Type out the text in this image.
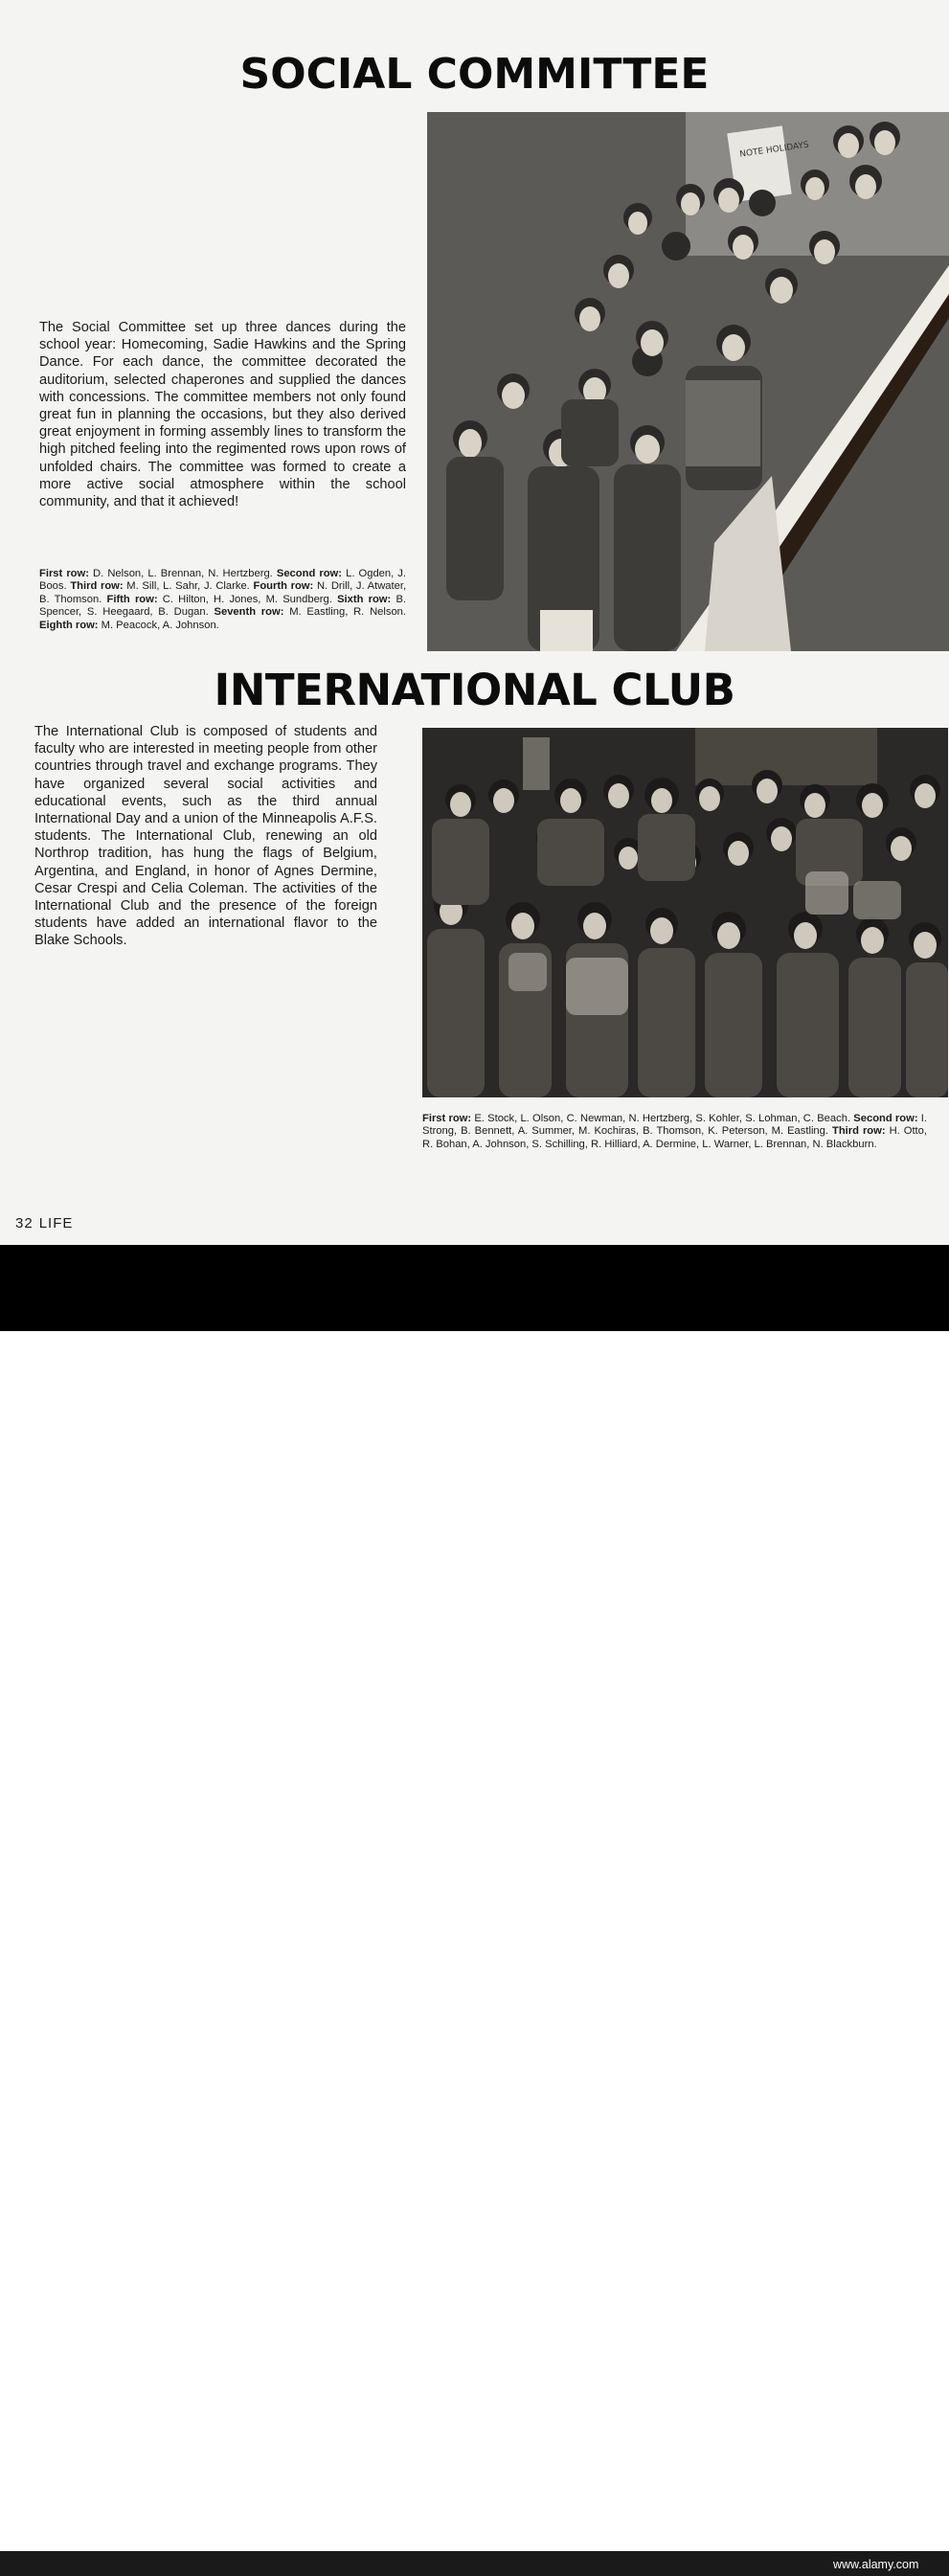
SOCIAL COMMITTEE
NOTE HOLIDAYS
The Social Committee set up three dances during the school year: Homecoming, Sadie Hawkins and the Spring Dance. For each dance, the committee decorated the auditorium, selected chaperones and supplied the dances with concessions. The committee members not only found great fun in planning the occasions, but they also derived great enjoyment in forming assembly lines to transform the high pitched feeling into the regimented rows upon rows of unfolded chairs. The committee was formed to create a more active social atmosphere within the school community, and that it achieved!
First row: D. Nelson, L. Brennan, N. Hertzberg. Second row: L. Ogden, J. Boos. Third row: M. Sill, L. Sahr, J. Clarke. Fourth row: N. Drill, J. Atwater, B. Thomson. Fifth row: C. Hilton, H. Jones, M. Sundberg. Sixth row: B. Spencer, S. Heegaard, B. Dugan. Seventh row: M. Eastling, R. Nelson. Eighth row: M. Peacock, A. Johnson.
INTERNATIONAL CLUB
The International Club is composed of students and faculty who are interested in meeting people from other countries through travel and exchange programs. They have organized several social activities and educational events, such as the third annual International Day and a union of the Minneapolis A.F.S. students. The International Club, renewing an old Northrop tradition, has hung the flags of Belgium, Argentina, and England, in honor of Agnes Dermine, Cesar Crespi and Celia Coleman. The activities of the International Club and the presence of the foreign students have added an international flavor to the Blake Schools.
First row: E. Stock, L. Olson, C. Newman, N. Hertzberg, S. Kohler, S. Lohman, C. Beach. Second row: I. Strong, B. Bennett, A. Summer, M. Kochiras, B. Thomson, K. Peterson, M. Eastling. Third row: H. Otto, R. Bohan, A. Johnson, S. Schilling, R. Hilliard, A. Dermine, L. Warner, L. Brennan, N. Blackburn.
32 LIFE
alamy	3ACKMN2
www.alamy.com
